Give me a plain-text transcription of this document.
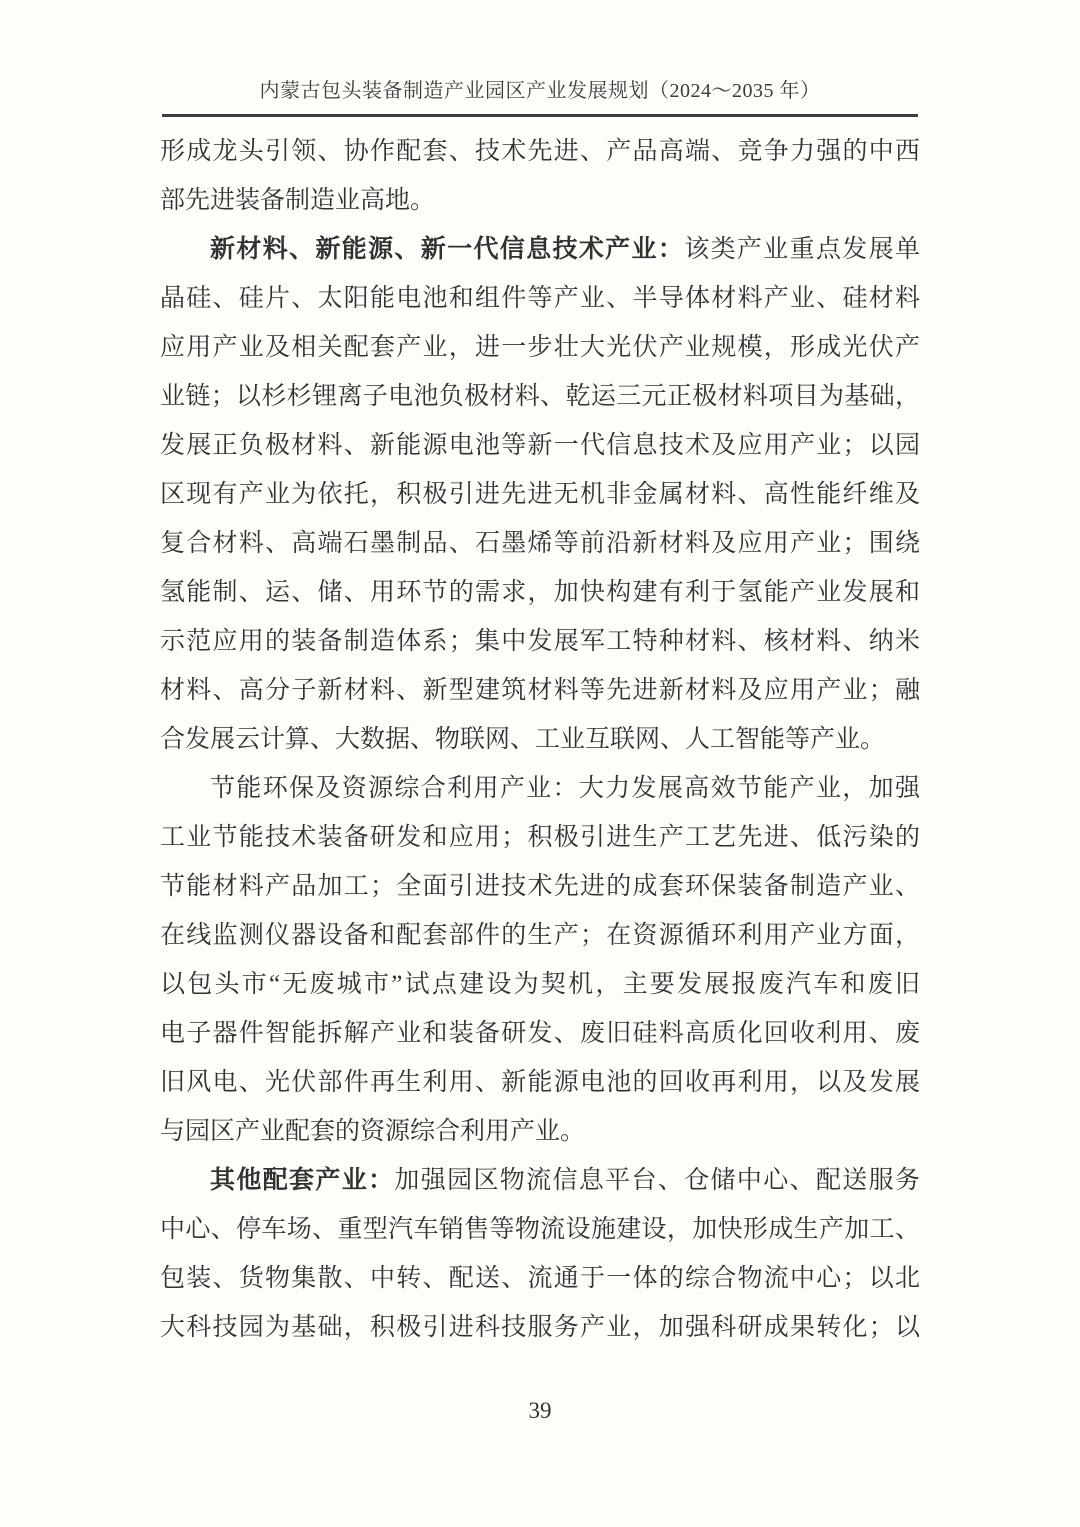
内蒙古包头装备制造产业园区产业发展规划（2024～2035 年）
形成龙头引领、协作配套、技术先进、产品高端、竞争力强的中西
部先进装备制造业高地。
新材料、新能源、新一代信息技术产业：该类产业重点发展单
晶硅、硅片、太阳能电池和组件等产业、半导体材料产业、硅材料
应用产业及相关配套产业，进一步壮大光伏产业规模，形成光伏产
业链；以杉杉锂离子电池负极材料、乾运三元正极材料项目为基础，
发展正负极材料、新能源电池等新一代信息技术及应用产业；以园
区现有产业为依托，积极引进先进无机非金属材料、高性能纤维及
复合材料、高端石墨制品、石墨烯等前沿新材料及应用产业；围绕
氢能制、运、储、用环节的需求，加快构建有利于氢能产业发展和
示范应用的装备制造体系；集中发展军工特种材料、核材料、纳米
材料、高分子新材料、新型建筑材料等先进新材料及应用产业；融
合发展云计算、大数据、物联网、工业互联网、人工智能等产业。
节能环保及资源综合利用产业：大力发展高效节能产业，加强
工业节能技术装备研发和应用；积极引进生产工艺先进、低污染的
节能材料产品加工；全面引进技术先进的成套环保装备制造产业、
在线监测仪器设备和配套部件的生产；在资源循环利用产业方面，
以包头市“无废城市”试点建设为契机，主要发展报废汽车和废旧
电子器件智能拆解产业和装备研发、废旧硅料高质化回收利用、废
旧风电、光伏部件再生利用、新能源电池的回收再利用，以及发展
与园区产业配套的资源综合利用产业。
其他配套产业：加强园区物流信息平台、仓储中心、配送服务
中心、停车场、重型汽车销售等物流设施建设，加快形成生产加工、
包装、货物集散、中转、配送、流通于一体的综合物流中心；以北
大科技园为基础，积极引进科技服务产业，加强科研成果转化；以
39
